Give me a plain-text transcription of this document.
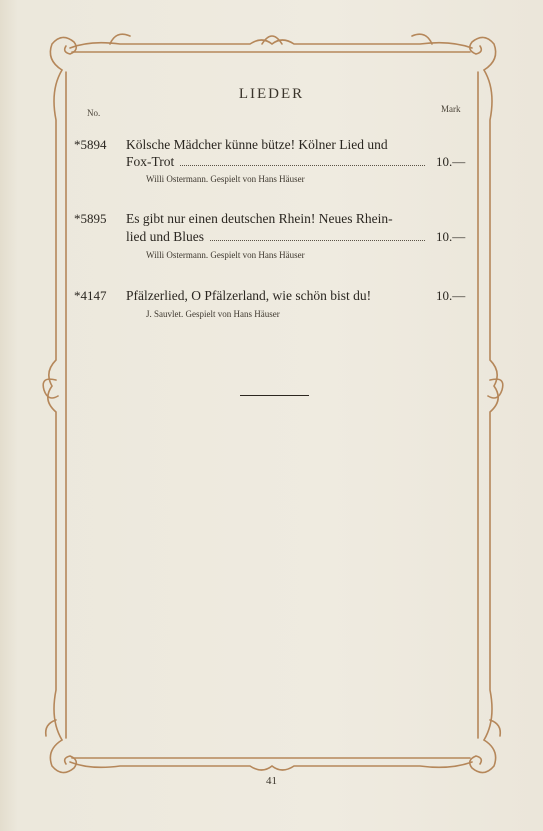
LIEDER
No.	Mark
*5894 Kölsche Mädcher künne bütze! Kölner Lied und
Fox-Trot	10.—
Willi Ostermann. Gespielt von Hans Häuser
*5895 Es gibt nur einen deutschen Rhein! Neues Rhein-
lied und Blues	10.—
Willi Ostermann. Gespielt von Hans Häuser
*4147 Pfälzerlied, O Pfälzerland, wie schön bist du!	10.—
J. Sauvlet. Gespielt von Hans Häuser
41
